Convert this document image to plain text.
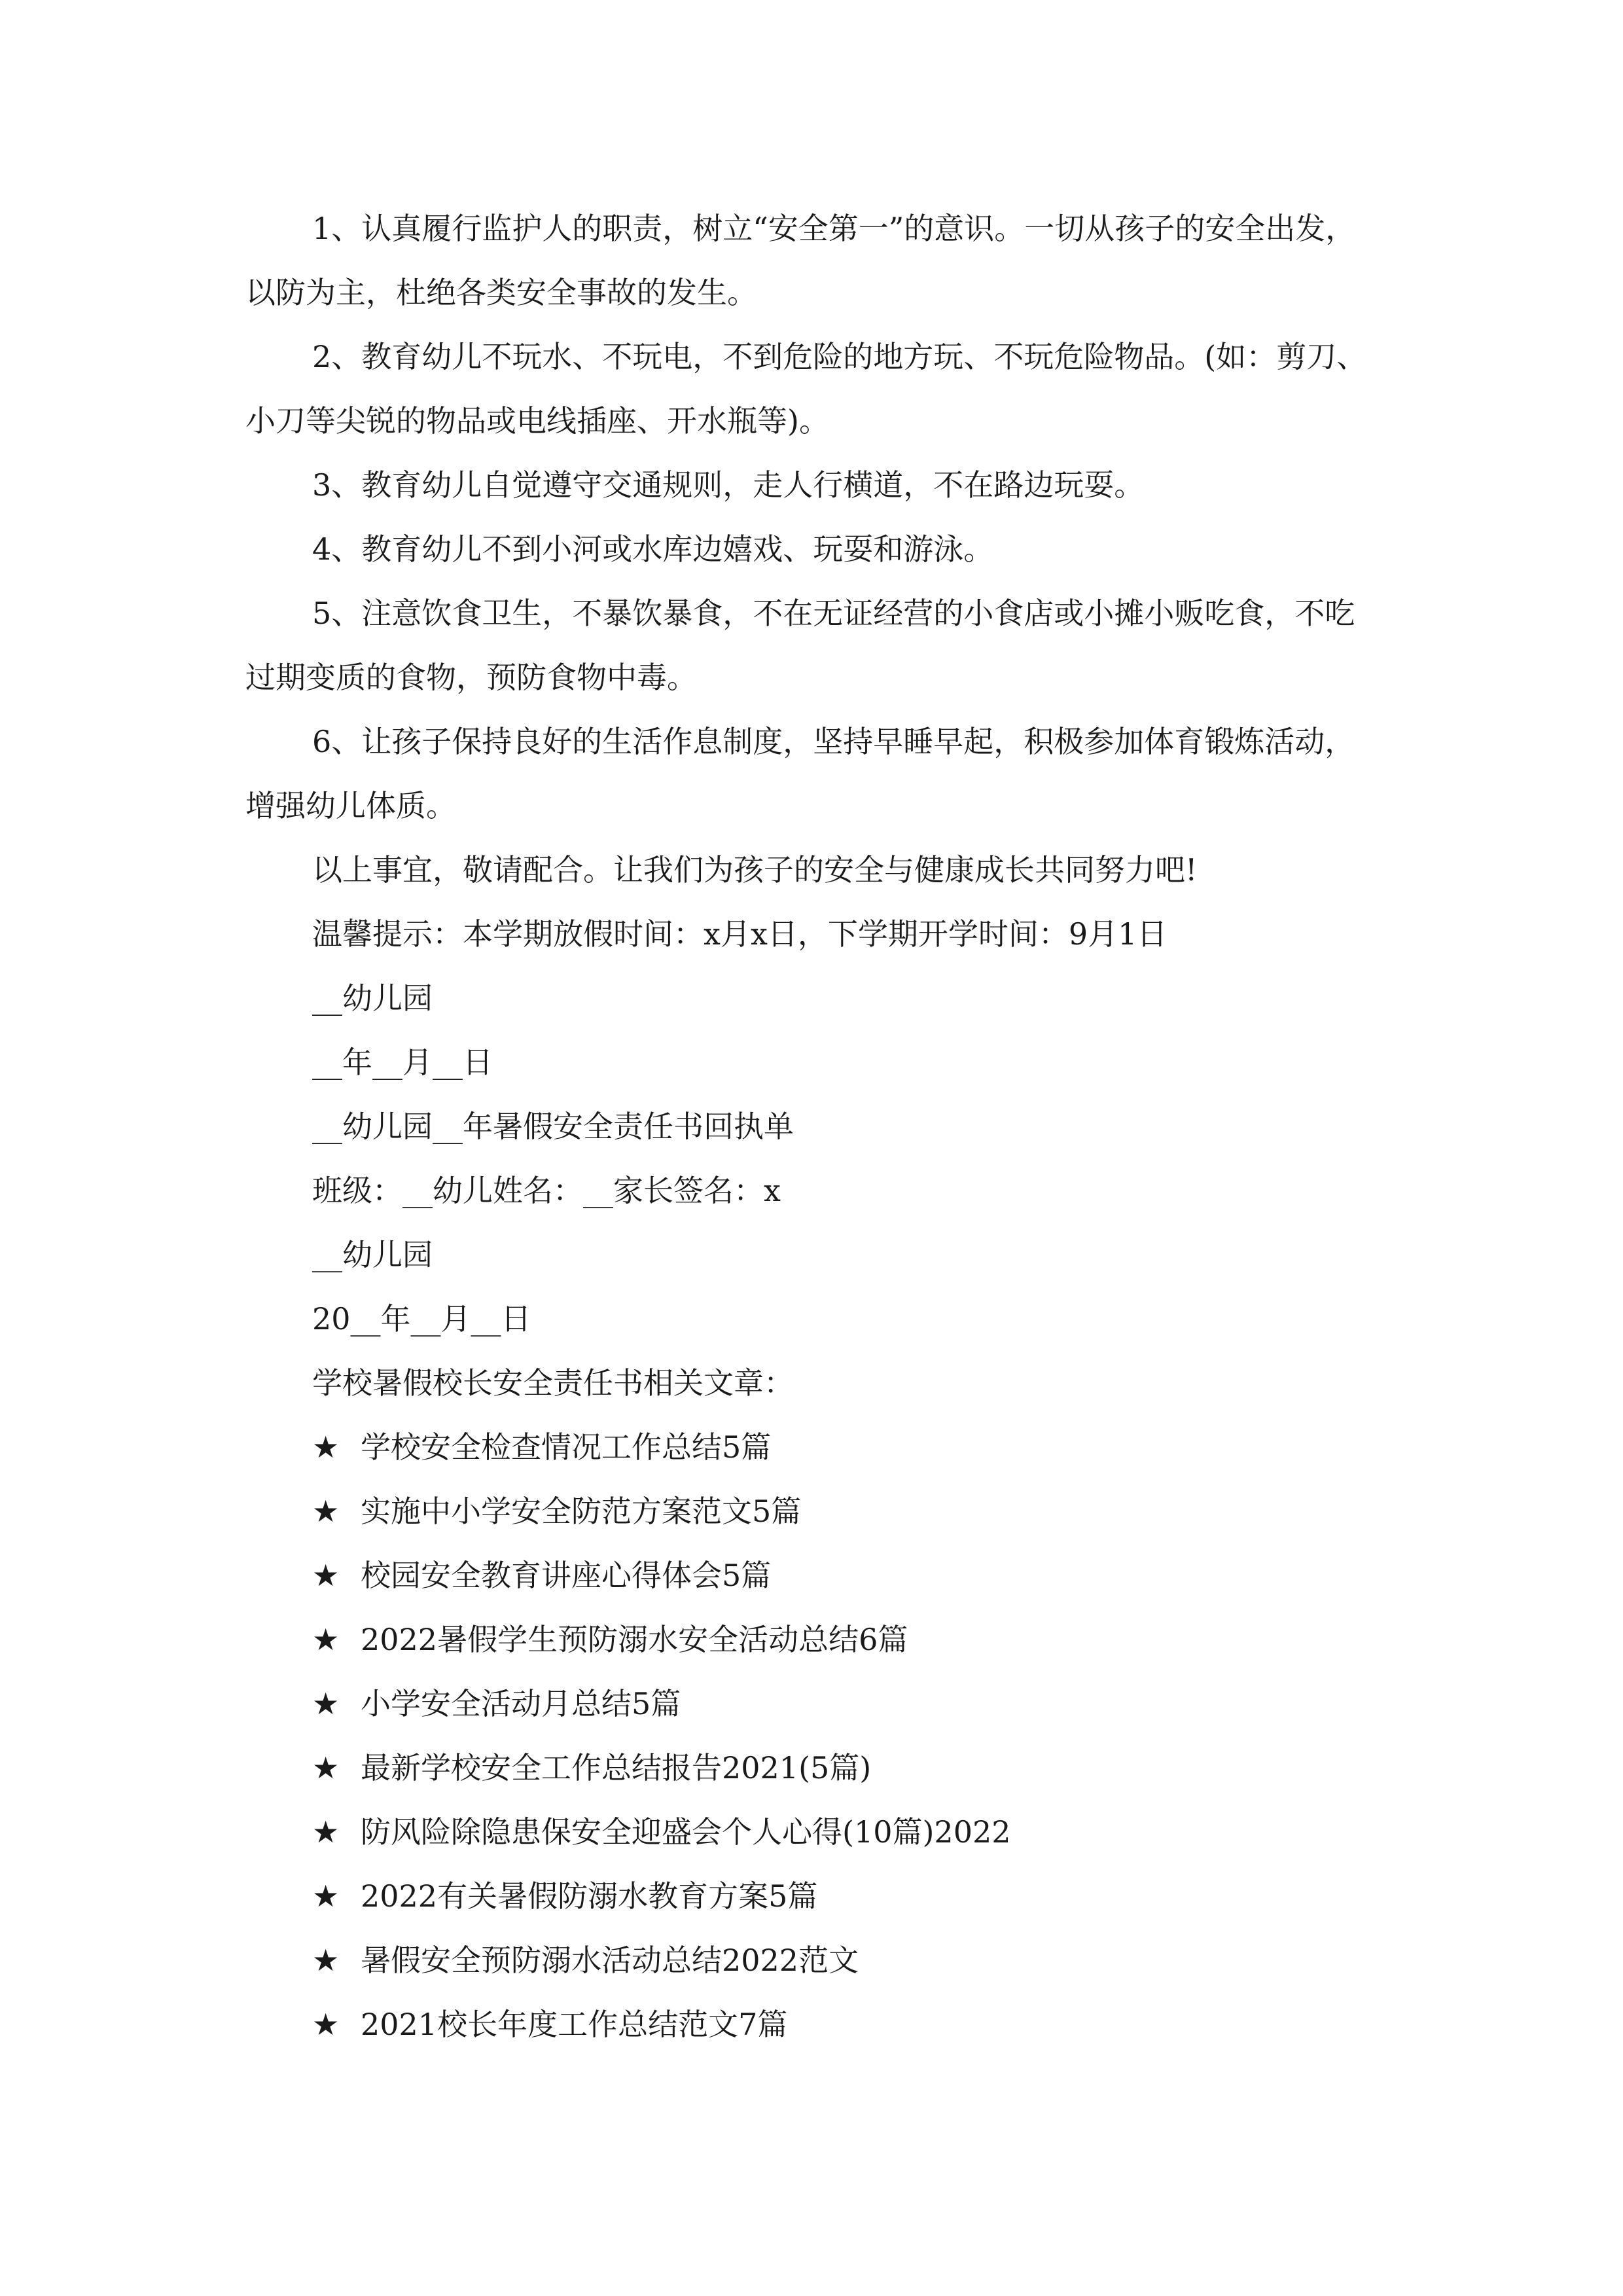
1、认真履行监护人的职责，树立“安全第一”的意识。一切从孩子的安全出发，以防为主，杜绝各类安全事故的发生。

2、教育幼儿不玩水、不玩电，不到危险的地方玩、不玩危险物品。(如：剪刀、小刀等尖锐的物品或电线插座、开水瓶等)。

3、教育幼儿自觉遵守交通规则，走人行横道，不在路边玩耍。

4、教育幼儿不到小河或水库边嬉戏、玩耍和游泳。

5、注意饮食卫生，不暴饮暴食，不在无证经营的小食店或小摊小贩吃食，不吃过期变质的食物，预防食物中毒。

6、让孩子保持良好的生活作息制度，坚持早睡早起，积极参加体育锻炼活动，增强幼儿体质。

以上事宜，敬请配合。让我们为孩子的安全与健康成长共同努力吧!

温馨提示：本学期放假时间：x月x日，下学期开学时间：9月1日

__幼儿园

__年__月__日

__幼儿园__年暑假安全责任书回执单

班级：__幼儿姓名：__家长签名：x

__幼儿园

20__年__月__日

学校暑假校长安全责任书相关文章：

★ 学校安全检查情况工作总结5篇

★ 实施中小学安全防范方案范文5篇

★ 校园安全教育讲座心得体会5篇

★ 2022暑假学生预防溺水安全活动总结6篇

★ 小学安全活动月总结5篇

★ 最新学校安全工作总结报告2021(5篇)

★ 防风险除隐患保安全迎盛会个人心得(10篇)2022

★ 2022有关暑假防溺水教育方案5篇

★ 暑假安全预防溺水活动总结2022范文

★ 2021校长年度工作总结范文7篇
